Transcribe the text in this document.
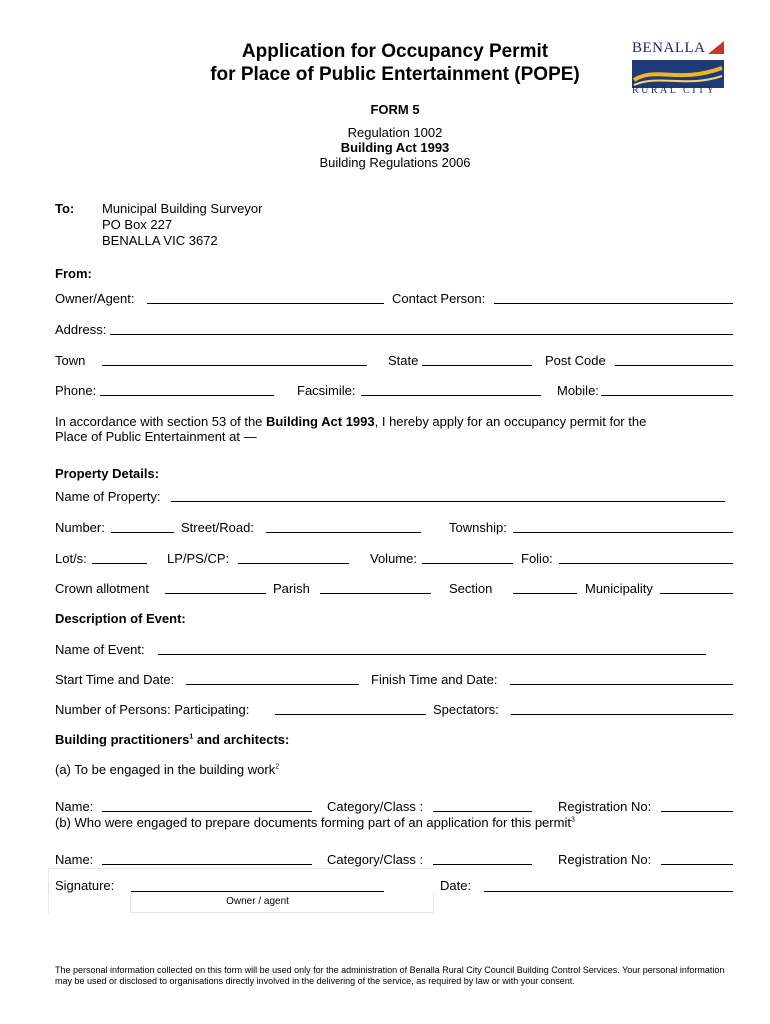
Application for Occupancy Permit
for Place of Public Entertainment (POPE)
BENALLA
RURAL CITY
FORM 5
Regulation 1002
Building Act 1993
Building Regulations 2006
To: Municipal Building Surveyor
PO Box 227
BENALLA VIC 3672
From:
Owner/Agent:	Contact Person:
Address:
Town	State	Post Code
Phone:	Facsimile:	Mobile:
In accordance with section 53 of the Building Act 1993, I hereby apply for an occupancy permit for the
Place of Public Entertainment at —
Property Details:
Name of Property:
Number:	Street/Road:	Township:
Lot/s:	LP/PS/CP:	Volume:	Folio:
Crown allotment	Parish	Section	Municipality
Description of Event:
Name of Event:
Start Time and Date:	Finish Time and Date:
Number of Persons: Participating:	Spectators:
Building practitioners$^1$ and architects:
(a) To be engaged in the building work$^2$
Name:	Category/Class :	Registration No:
(b) Who were engaged to prepare documents forming part of an application for this permit$^3$
Name:	Category/Class :	Registration No:
Signature:	Date:
Owner / agent
The personal information collected on this form will be used only for the administration of Benalla Rural City Council Building Control Services. Your personal information may be used or disclosed to organisations directly involved in the delivering of the service, as required by law or with your consent.
